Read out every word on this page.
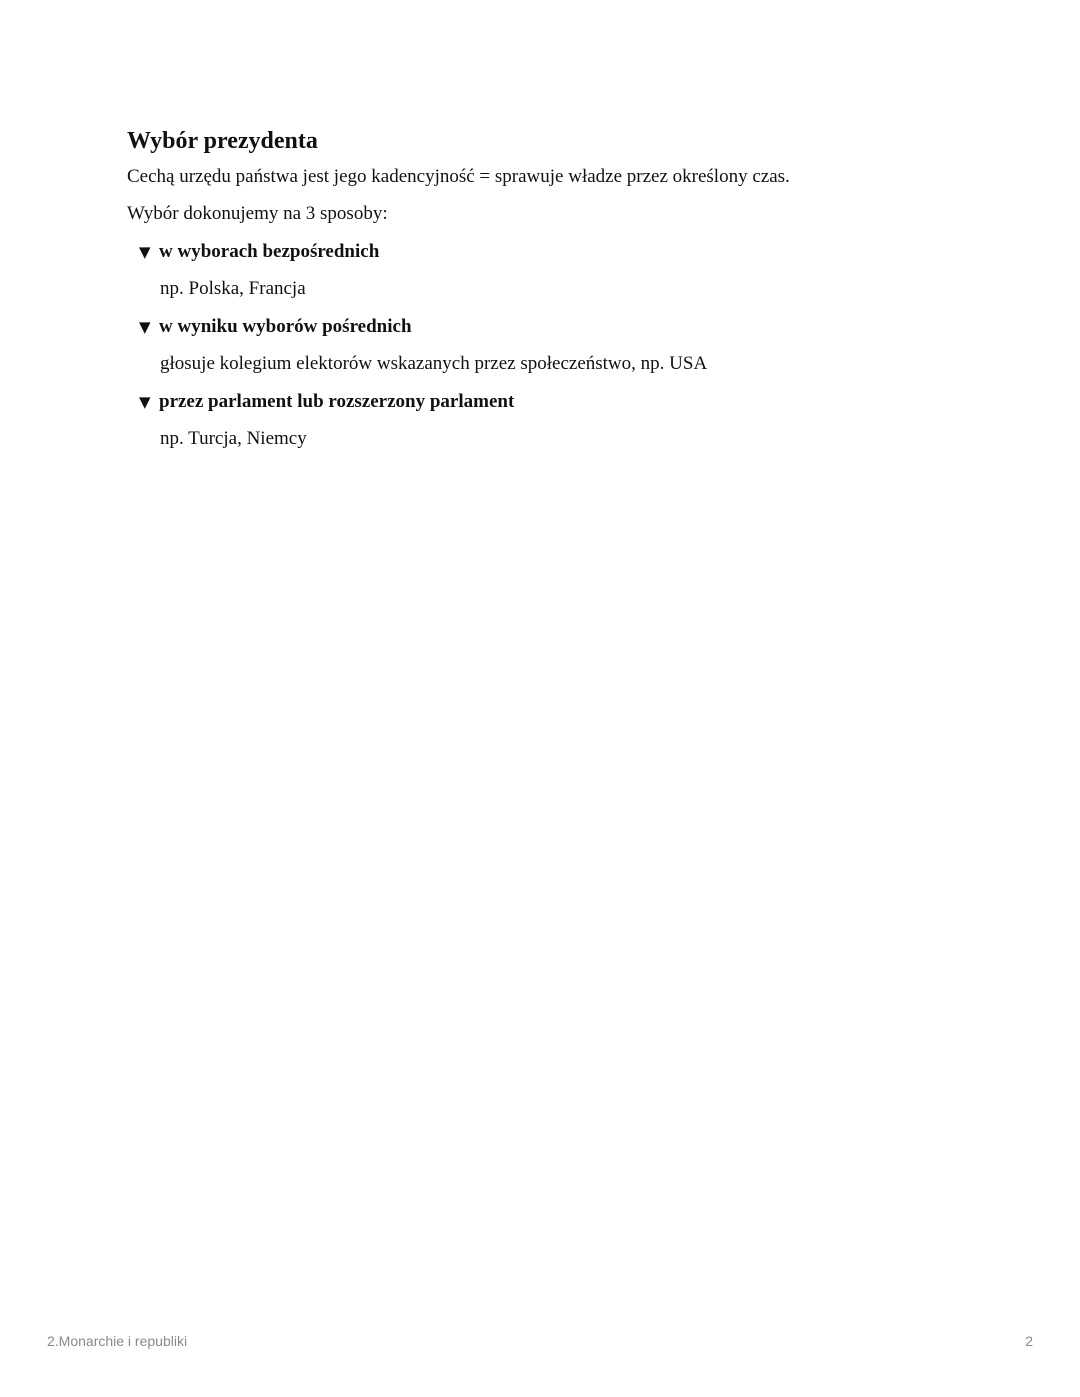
Wybór prezydenta

Cechą urzędu państwa jest jego kadencyjność = sprawuje władze przez określony czas.

Wybór dokonujemy na 3 sposoby:

▼ w wyborach bezpośrednich
np. Polska, Francja
▼ w wyniku wyborów pośrednich
głosuje kolegium elektorów wskazanych przez społeczeństwo, np. USA
▼ przez parlament lub rozszerzony parlament
np. Turcja, Niemcy
2.Monarchie i republiki	2
